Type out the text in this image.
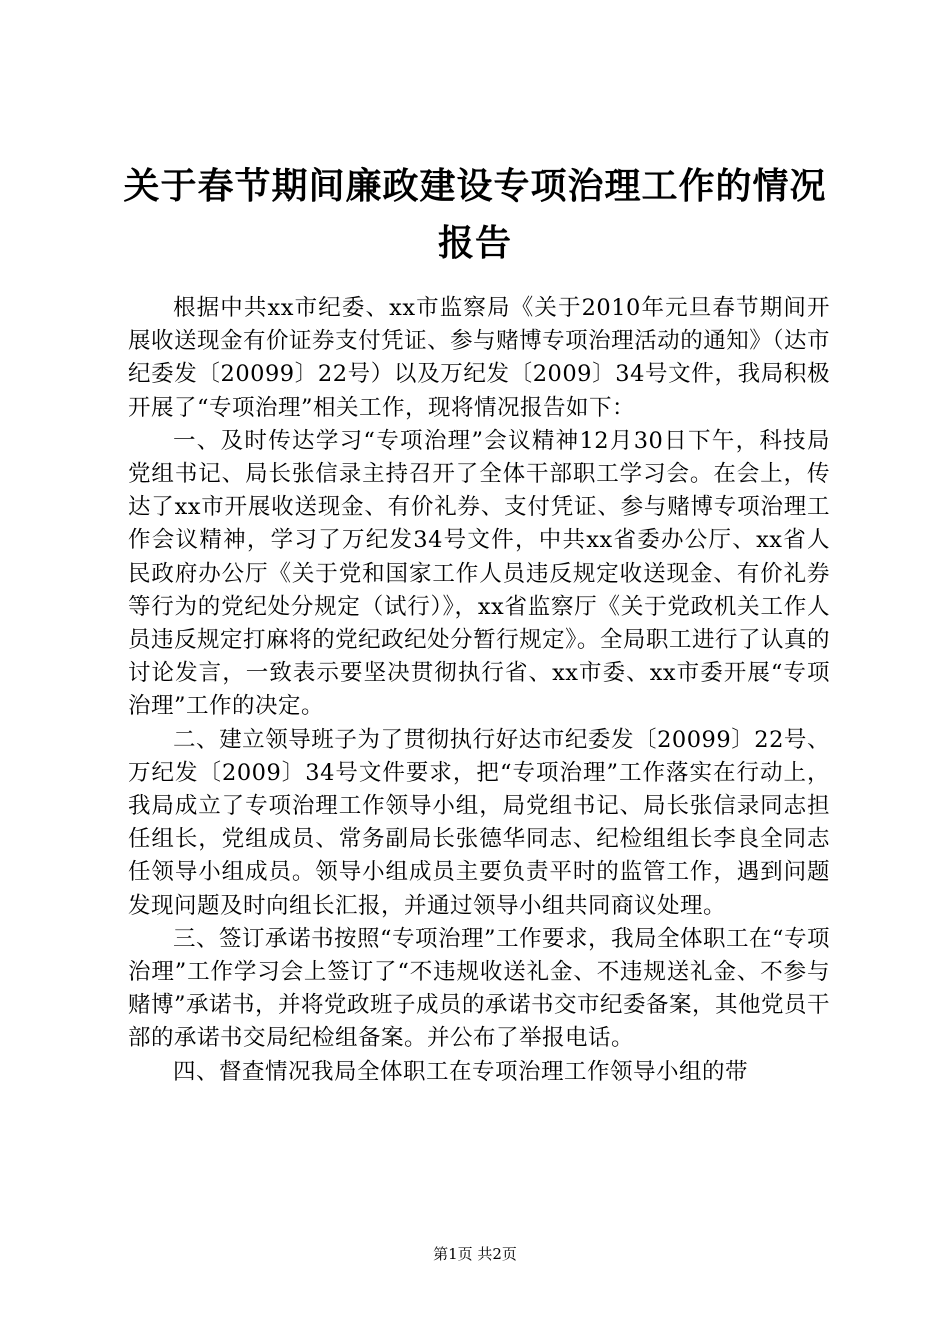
关于春节期间廉政建设专项治理工作的情况报告

根据中共xx市纪委、xx市监察局《关于2010年元旦春节期间开展收送现金有价证券支付凭证、参与赌博专项治理活动的通知》（达市纪委发〔20099〕22号）以及万纪发〔2009〕34号文件，我局积极开展了“专项治理”相关工作，现将情况报告如下：

一、及时传达学习“专项治理”会议精神12月30日下午，科技局党组书记、局长张信录主持召开了全体干部职工学习会。在会上，传达了xx市开展收送现金、有价礼券、支付凭证、参与赌博专项治理工作会议精神，学习了万纪发34号文件，中共xx省委办公厅、xx省人民政府办公厅《关于党和国家工作人员违反规定收送现金、有价礼券等行为的党纪处分规定（试行）》，xx省监察厅《关于党政机关工作人员违反规定打麻将的党纪政纪处分暂行规定》。全局职工进行了认真的讨论发言，一致表示要坚决贯彻执行省、xx市委、xx市委开展“专项治理”工作的决定。

二、建立领导班子为了贯彻执行好达市纪委发〔20099〕22号、万纪发〔2009〕34号文件要求，把“专项治理”工作落实在行动上，我局成立了专项治理工作领导小组，局党组书记、局长张信录同志担任组长，党组成员、常务副局长张德华同志、纪检组组长李良全同志任领导小组成员。领导小组成员主要负责平时的监管工作，遇到问题发现问题及时向组长汇报，并通过领导小组共同商议处理。

三、签订承诺书按照“专项治理”工作要求，我局全体职工在“专项治理”工作学习会上签订了“不违规收送礼金、不违规送礼金、不参与赌博”承诺书，并将党政班子成员的承诺书交市纪委备案，其他党员干部的承诺书交局纪检组备案。并公布了举报电话。

四、督查情况我局全体职工在专项治理工作领导小组的带

第1页 共2页
